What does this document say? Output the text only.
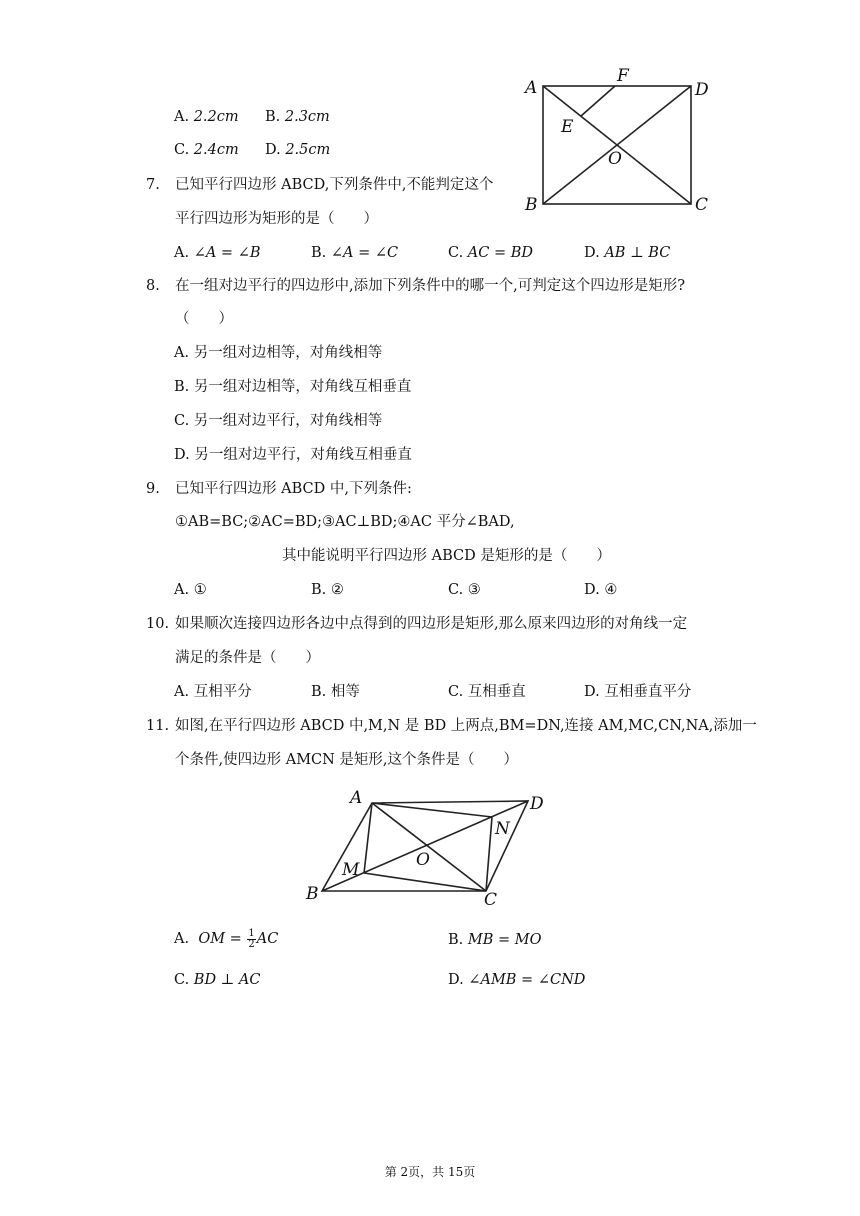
A. 2.2cm B. 2.3cm
C. 2.4cm D. 2.5cm
A
F
D
E
O
B	C
7. 已知平行四边形 ABCD,下列条件中,不能判定这个
平行四边形为矩形的是（　　）
A. ∠A = ∠B	B. ∠A = ∠C	C. AC = BD	D. AB ⊥ BC
8. 在一组对边平行的四边形中,添加下列条件中的哪一个,可判定这个四边形是矩形?
（　　）
A. 另一组对边相等，对角线相等
B. 另一组对边相等，对角线互相垂直
C. 另一组对边平行，对角线相等
D. 另一组对边平行，对角线互相垂直
9. 已知平行四边形 ABCD 中,下列条件:
①AB=BC;②AC=BD;③AC⊥BD;④AC 平分∠BAD,
其中能说明平行四边形 ABCD 是矩形的是（　　）
A. ①	B. ②	C. ③	D. ④
10. 如果顺次连接四边形各边中点得到的四边形是矩形,那么原来四边形的对角线一定
满足的条件是（　　）
A. 互相平分	B. 相等	C. 互相垂直	D. 互相垂直平分
11. 如图,在平行四边形 ABCD 中,M,N 是 BD 上两点,BM=DN,连接 AM,MC,CN,NA,添加一
个条件,使四边形 AMCN 是矩形,这个条件是（　　）
A	D
N
O
M
B	C
A. OM = $\frac{1}{2}$ AC	B. MB = MO
C. BD ⊥ AC	D. ∠AMB = ∠CND
第 2页，共 15页
